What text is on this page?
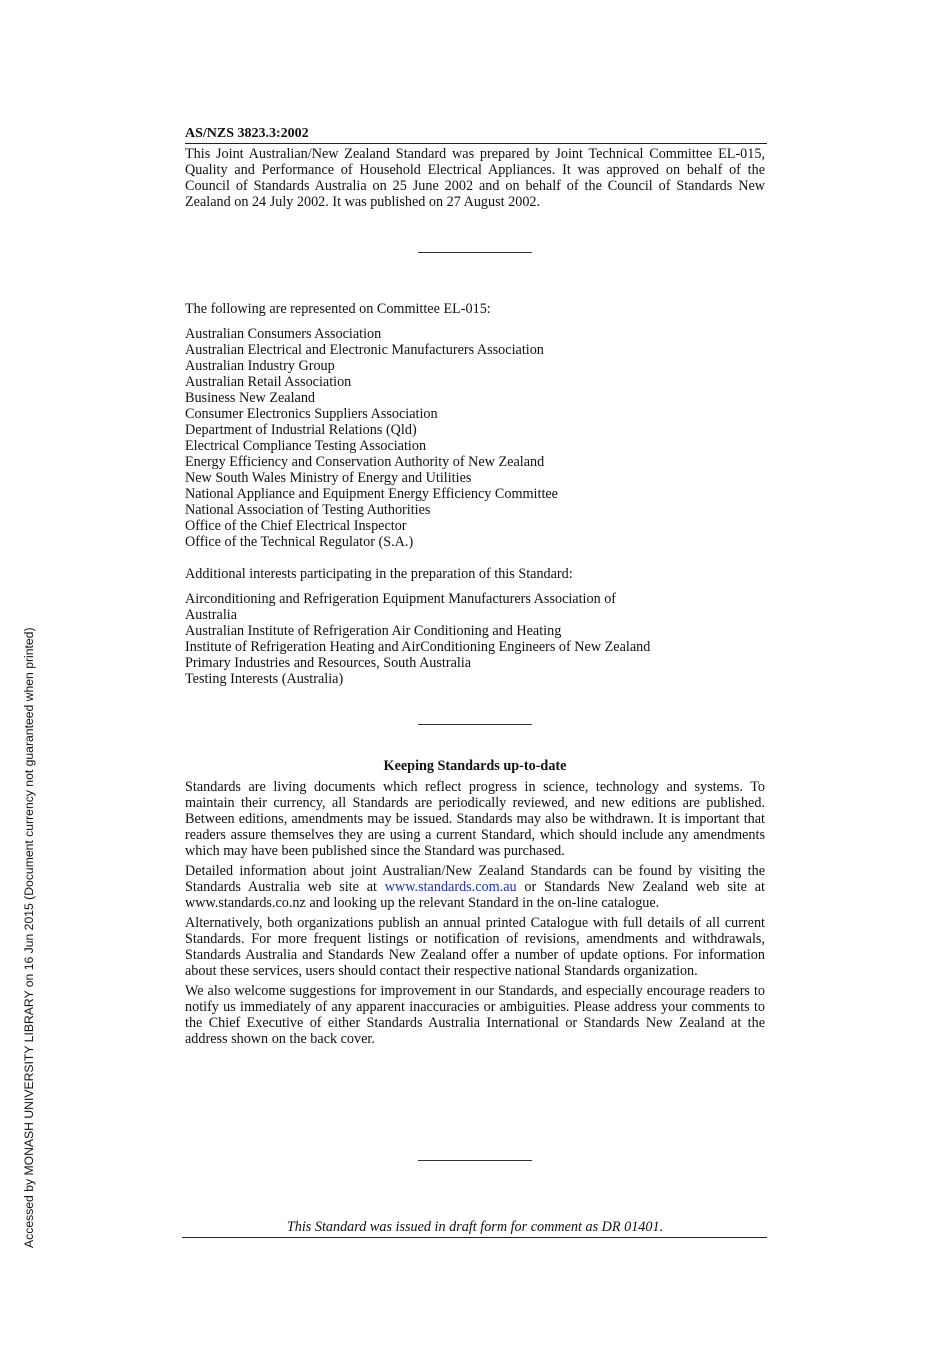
AS/NZS 3823.3:2002

This Joint Australian/New Zealand Standard was prepared by Joint Technical Committee EL-015, Quality and Performance of Household Electrical Appliances. It was approved on behalf of the Council of Standards Australia on 25 June 2002 and on behalf of the Council of Standards New Zealand on 24 July 2002. It was published on 27 August 2002.

The following are represented on Committee EL-015:
Australian Consumers Association
Australian Electrical and Electronic Manufacturers Association
Australian Industry Group
Australian Retail Association
Business New Zealand
Consumer Electronics Suppliers Association
Department of Industrial Relations (Qld)
Electrical Compliance Testing Association
Energy Efficiency and Conservation Authority of New Zealand
New South Wales Ministry of Energy and Utilities
National Appliance and Equipment Energy Efficiency Committee
National Association of Testing Authorities
Office of the Chief Electrical Inspector
Office of the Technical Regulator (S.A.)
Additional interests participating in the preparation of this Standard:
Airconditioning and Refrigeration Equipment Manufacturers Association of
Australia
Australian Institute of Refrigeration Air Conditioning and Heating
Institute of Refrigeration Heating and AirConditioning Engineers of New Zealand
Primary Industries and Resources, South Australia
Testing Interests (Australia)
Keeping Standards up-to-date

Standards are living documents which reflect progress in science, technology and systems. To maintain their currency, all Standards are periodically reviewed, and new editions are published. Between editions, amendments may be issued. Standards may also be withdrawn. It is important that readers assure themselves they are using a current Standard, which should include any amendments which may have been published since the Standard was purchased.

Detailed information about joint Australian/New Zealand Standards can be found by visiting the Standards Australia web site at www.standards.com.au or Standards New Zealand web site at www.standards.co.nz and looking up the relevant Standard in the on-line catalogue.

Alternatively, both organizations publish an annual printed Catalogue with full details of all current Standards. For more frequent listings or notification of revisions, amendments and withdrawals, Standards Australia and Standards New Zealand offer a number of update options. For information about these services, users should contact their respective national Standards organization.

We also welcome suggestions for improvement in our Standards, and especially encourage readers to notify us immediately of any apparent inaccuracies or ambiguities. Please address your comments to the Chief Executive of either Standards Australia International or Standards New Zealand at the address shown on the back cover.

This Standard was issued in draft form for comment as DR 01401.
Accessed by MONASH UNIVERSITY LIBRARY on 16 Jun 2015 (Document currency not guaranteed when printed)
